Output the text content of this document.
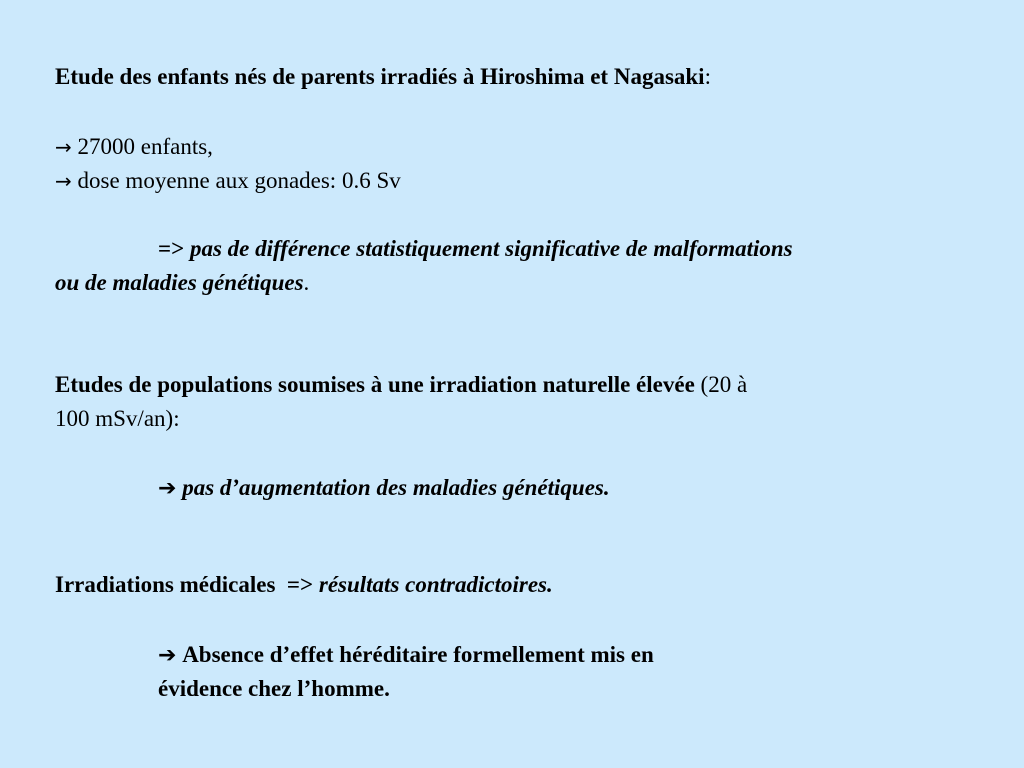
Etude des enfants nés de parents irradiés à Hiroshima et Nagasaki:
→ 27000 enfants,
→ dose moyenne aux gonades: 0.6 Sv
=> pas de différence statistiquement significative de malformations
ou de maladies génétiques.
Etudes de populations soumises à une irradiation naturelle élevée (20 à
100 mSv/an):
➔ pas d’augmentation des maladies génétiques.
Irradiations médicales => résultats contradictoires.
➔ Absence d’effet héréditaire formellement mis en
évidence chez l’homme.
